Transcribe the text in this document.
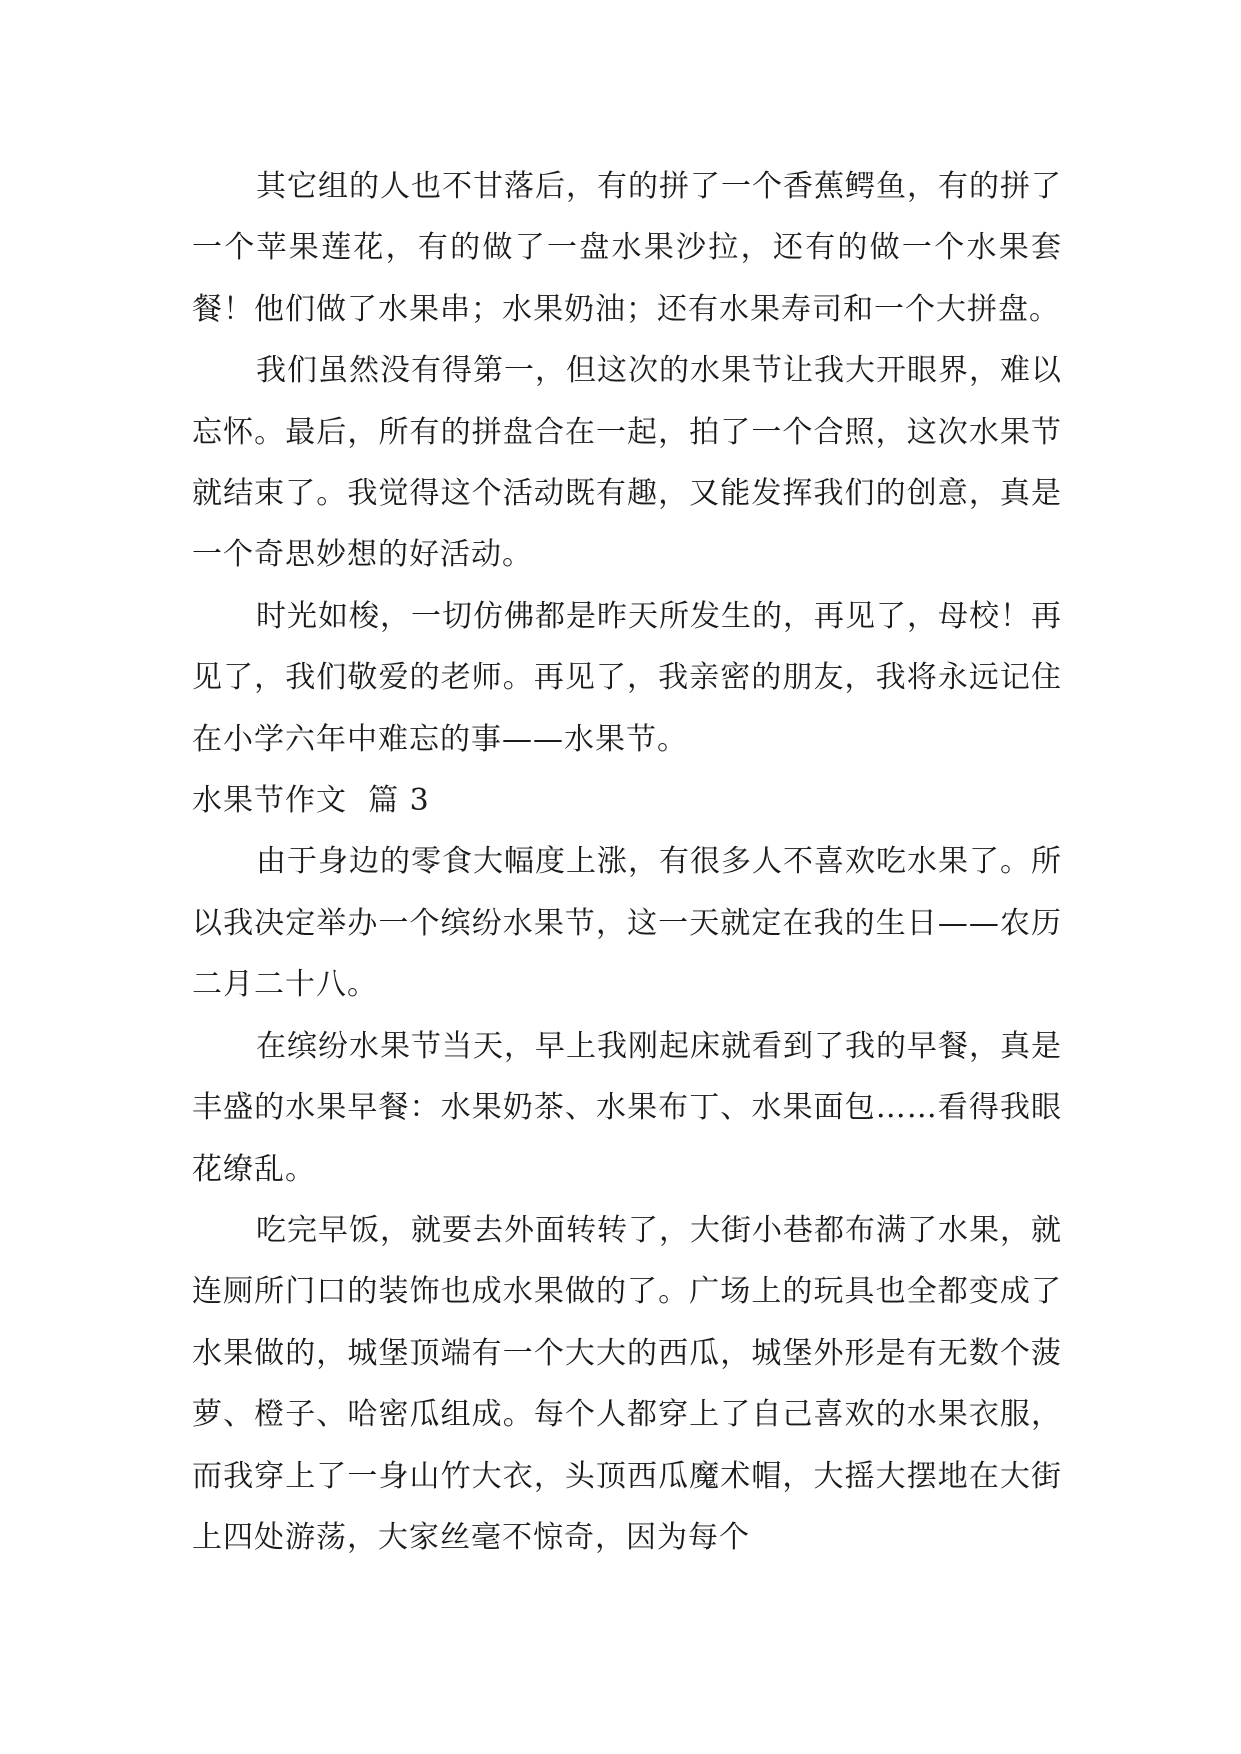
其它组的人也不甘落后，有的拼了一个香蕉鳄鱼，有的拼了一个苹果莲花，有的做了一盘水果沙拉，还有的做一个水果套餐！他们做了水果串；水果奶油；还有水果寿司和一个大拼盘。

我们虽然没有得第一，但这次的水果节让我大开眼界，难以忘怀。最后，所有的拼盘合在一起，拍了一个合照，这次水果节就结束了。我觉得这个活动既有趣，又能发挥我们的创意，真是一个奇思妙想的好活动。

时光如梭，一切仿佛都是昨天所发生的，再见了，母校！再见了，我们敬爱的老师。再见了，我亲密的朋友，我将永远记住在小学六年中难忘的事——水果节。

水果节作文  篇 3

由于身边的零食大幅度上涨，有很多人不喜欢吃水果了。所以我决定举办一个缤纷水果节，这一天就定在我的生日——农历二月二十八。

在缤纷水果节当天，早上我刚起床就看到了我的早餐，真是丰盛的水果早餐：水果奶茶、水果布丁、水果面包……看得我眼花缭乱。

吃完早饭，就要去外面转转了，大街小巷都布满了水果，就连厕所门口的装饰也成水果做的了。广场上的玩具也全都变成了水果做的，城堡顶端有一个大大的西瓜，城堡外形是有无数个菠萝、橙子、哈密瓜组成。每个人都穿上了自己喜欢的水果衣服，而我穿上了一身山竹大衣，头顶西瓜魔术帽，大摇大摆地在大街上四处游荡，大家丝毫不惊奇，因为每个
